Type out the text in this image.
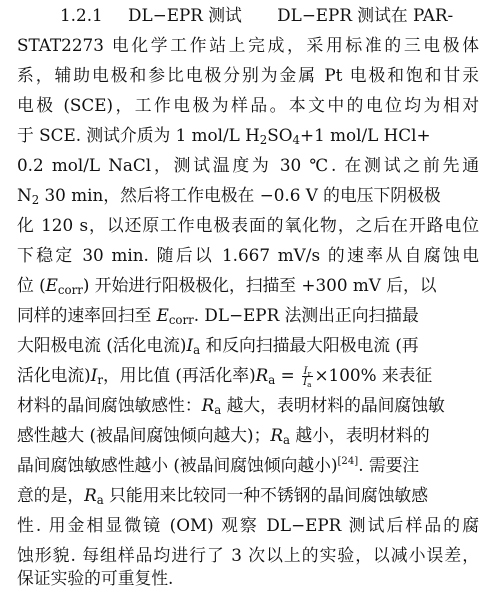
1.2.1 DL−EPR 测试 DL−EPR 测试在 PAR-
STAT2273 电化学工作站上完成，采用标准的三电极体
系，辅助电极和参比电极分别为金属 Pt 电极和饱和甘汞
电极 (SCE)，工作电极为样品。本文中的电位均为相对
于 SCE. 测试介质为 1 mol/L $H_2SO_4+1$ mol/L HCl+
0.2 mol/L NaCl，测试温度为 30 ℃. 在测试之前先通
$N_2$ 30 min，然后将工作电极在 −0.6 V 的电压下阴极极
化 120 s，以还原工作电极表面的氧化物，之后在开路电位
下稳定 30 min. 随后以 1.667 mV/s 的速率从自腐蚀电
位 $(E_{corr})$ 开始进行阳极极化，扫描至 +300 mV 后，以
同样的速率回扫至 $E_{corr}$. DL−EPR 法测出正向扫描最
大阳极电流 (活化电流)$I_a$ 和反向扫描最大阳极电流 (再
活化电流)$I_r$，用比值 (再活化率)$R_a = \frac{I_r}{I_a} \times 100\%$ 来表征
材料的晶间腐蚀敏感性：$R_a$ 越大，表明材料的晶间腐蚀敏
感性越大 (被晶间腐蚀倾向越大)；$R_a$ 越小，表明材料的
晶间腐蚀敏感性越小 (被晶间腐蚀倾向越小)[24]. 需要注
意的是，$R_a$ 只能用来比较同一种不锈钢的晶间腐蚀敏感
性. 用金相显微镜 (OM) 观察 DL−EPR 测试后样品的腐
蚀形貌. 每组样品均进行了 3 次以上的实验，以减小误差，
保证实验的可重复性.
